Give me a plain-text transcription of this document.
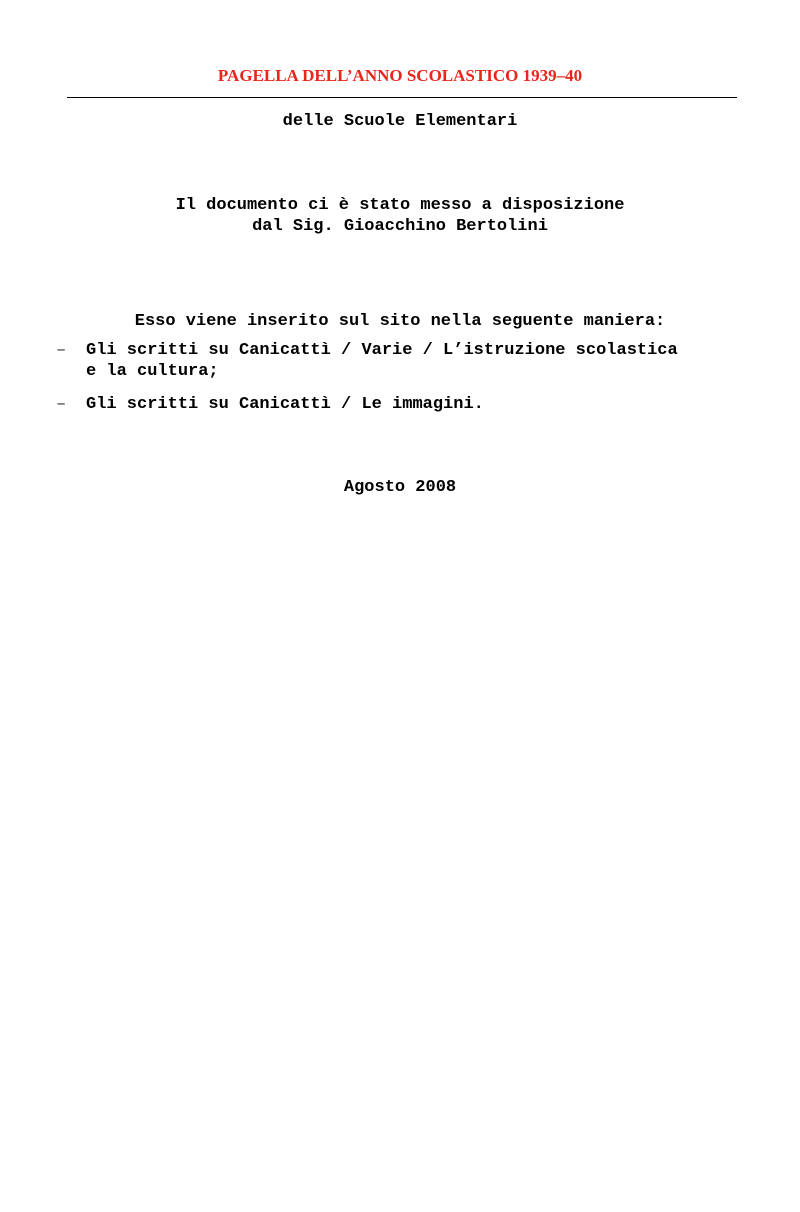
PAGELLA DELL’ANNO SCOLASTICO 1939–40
delle Scuole Elementari
Il documento ci è stato messo a disposizione
dal Sig. Gioacchino Bertolini
Esso viene inserito sul sito nella seguente maniera:
– Gli scritti su Canicattì / Varie / L’istruzione scolastica
e la cultura;
– Gli scritti su Canicattì / Le immagini.
Agosto 2008
